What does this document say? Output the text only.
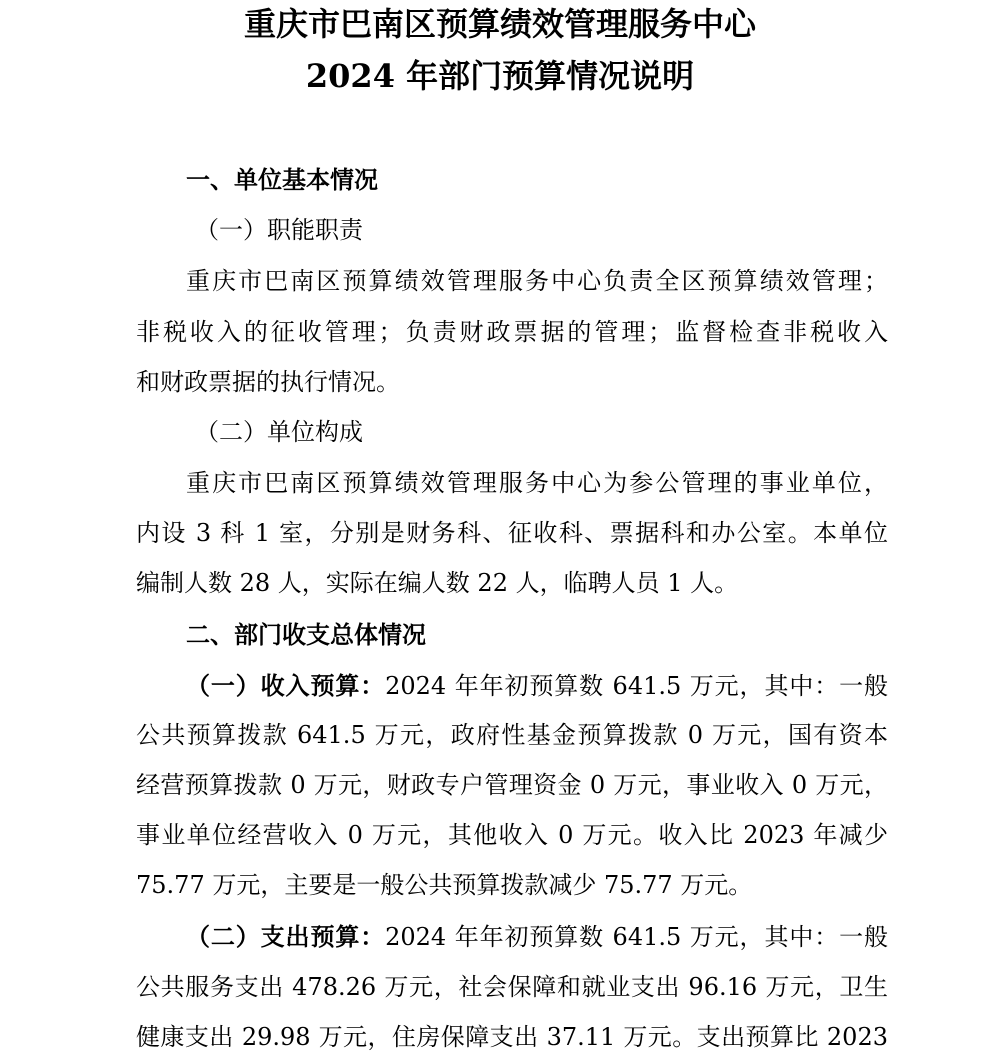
重庆市巴南区预算绩效管理服务中心
2024 年部门预算情况说明
一、单位基本情况
（一）职能职责
重庆市巴南区预算绩效管理服务中心负责全区预算绩效管理；
非税收入的征收管理；负责财政票据的管理；监督检查非税收入
和财政票据的执行情况。
（二）单位构成
重庆市巴南区预算绩效管理服务中心为参公管理的事业单位，
内设 3 科 1 室，分别是财务科、征收科、票据科和办公室。本单位
编制人数 28 人，实际在编人数 22 人，临聘人员 1 人。
二、部门收支总体情况
（一）收入预算：2024 年年初预算数 641.5 万元，其中：一般
公共预算拨款 641.5 万元，政府性基金预算拨款 0 万元，国有资本
经营预算拨款 0 万元，财政专户管理资金 0 万元，事业收入 0 万元，
事业单位经营收入 0 万元，其他收入 0 万元。收入比 2023 年减少
75.77 万元，主要是一般公共预算拨款减少 75.77 万元。
（二）支出预算：2024 年年初预算数 641.5 万元，其中：一般
公共服务支出 478.26 万元，社会保障和就业支出 96.16 万元，卫生
健康支出 29.98 万元，住房保障支出 37.11 万元。支出预算比 2023
